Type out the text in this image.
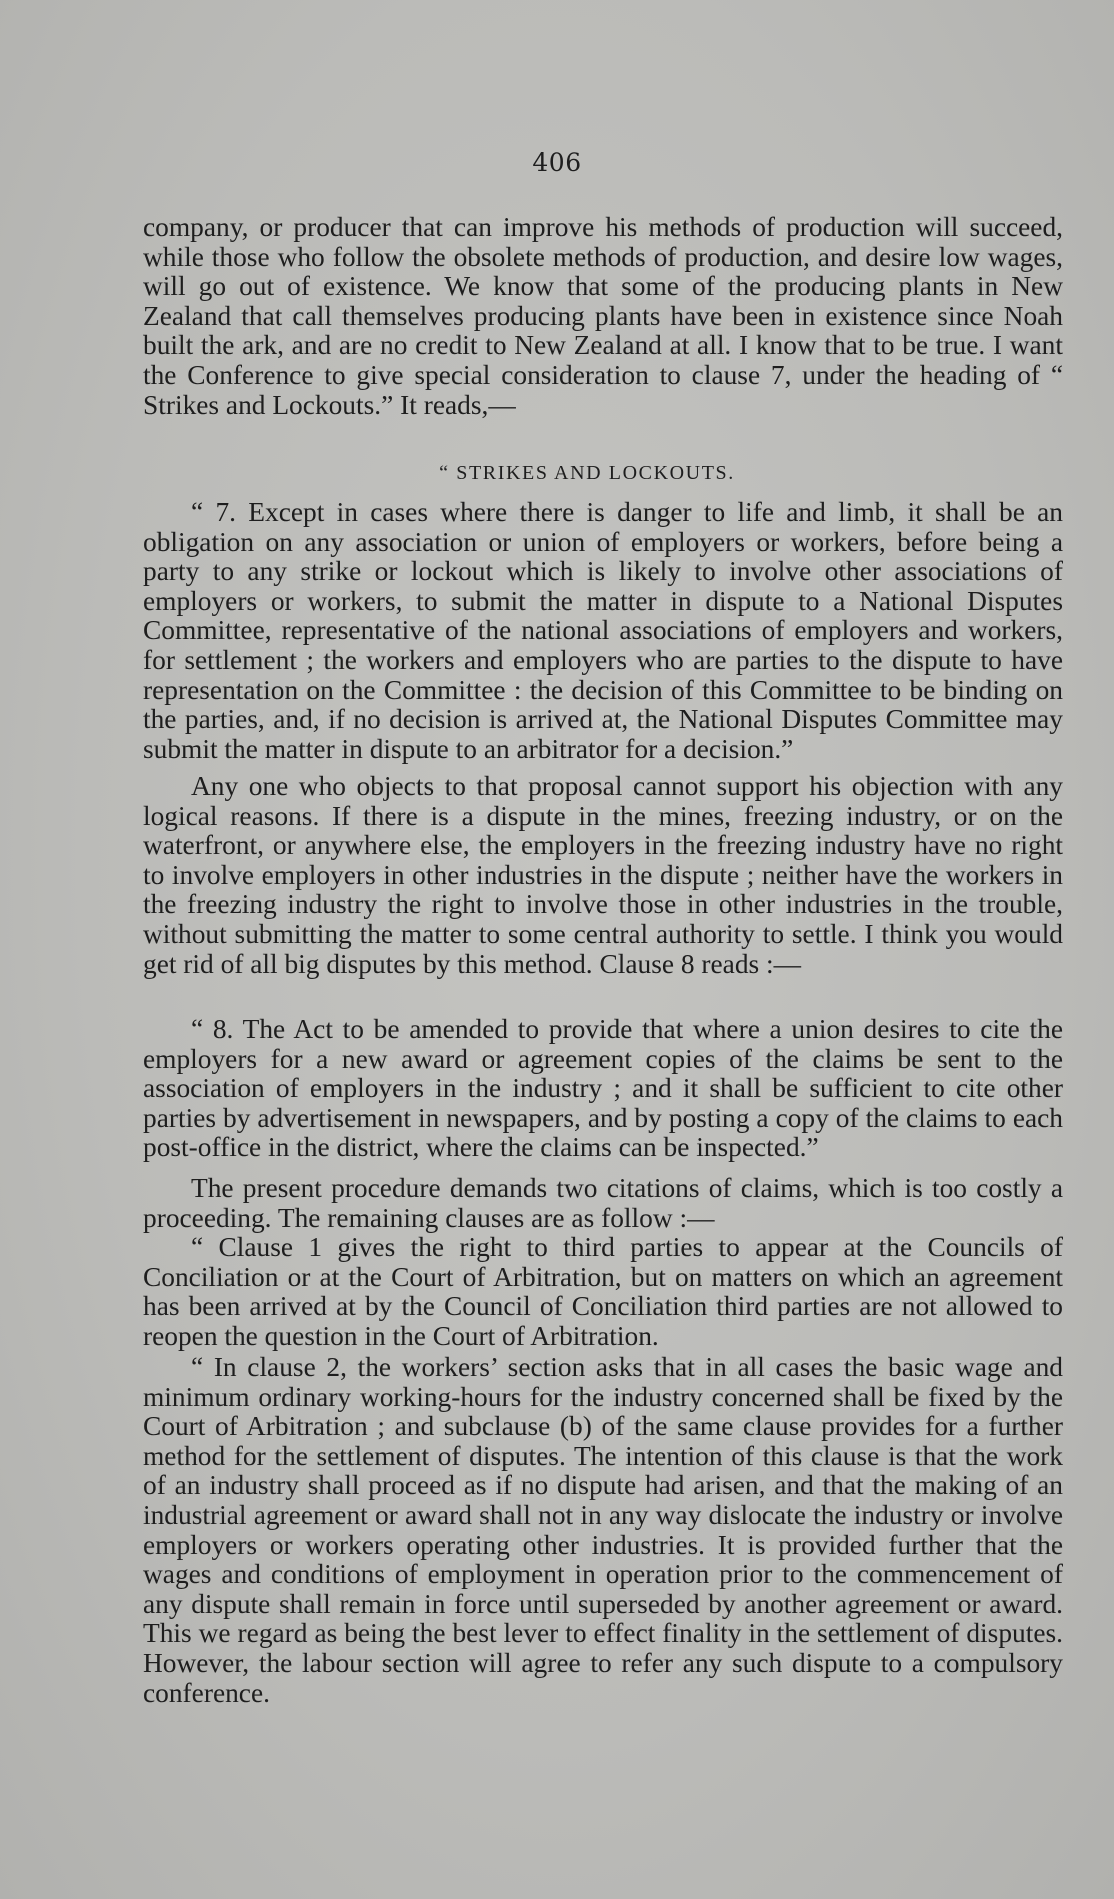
406

company, or producer that can improve his methods of production will succeed, while those who follow the obsolete methods of production, and desire low wages, will go out of existence. We know that some of the producing plants in New Zealand that call themselves producing plants have been in existence since Noah built the ark, and are no credit to New Zealand at all. I know that to be true. I want the Conference to give special consideration to clause 7, under the heading of “ Strikes and Lockouts.” It reads,—

“ STRIKES AND LOCKOUTS.

“ 7. Except in cases where there is danger to life and limb, it shall be an obligation on any association or union of employers or workers, before being a party to any strike or lockout which is likely to involve other associations of employers or workers, to submit the matter in dispute to a National Disputes Committee, representative of the national associations of employers and workers, for settlement ; the workers and employers who are parties to the dispute to have representation on the Committee : the decision of this Committee to be binding on the parties, and, if no decision is arrived at, the National Disputes Committee may submit the matter in dispute to an arbitrator for a decision.”

Any one who objects to that proposal cannot support his objection with any logical reasons. If there is a dispute in the mines, freezing industry, or on the waterfront, or anywhere else, the employers in the freezing industry have no right to involve employers in other industries in the dispute ; neither have the workers in the freezing industry the right to involve those in other industries in the trouble, without submitting the matter to some central authority to settle. I think you would get rid of all big disputes by this method. Clause 8 reads :—

“ 8. The Act to be amended to provide that where a union desires to cite the employers for a new award or agreement copies of the claims be sent to the association of employers in the industry ; and it shall be sufficient to cite other parties by advertisement in newspapers, and by posting a copy of the claims to each post-office in the district, where the claims can be inspected.”

The present procedure demands two citations of claims, which is too costly a proceeding. The remaining clauses are as follow :—

“ Clause 1 gives the right to third parties to appear at the Councils of Conciliation or at the Court of Arbitration, but on matters on which an agreement has been arrived at by the Council of Conciliation third parties are not allowed to reopen the question in the Court of Arbitration.

“ In clause 2, the workers’ section asks that in all cases the basic wage and minimum ordinary working-hours for the industry concerned shall be fixed by the Court of Arbitration ; and subclause (b) of the same clause provides for a further method for the settlement of disputes. The intention of this clause is that the work of an industry shall proceed as if no dispute had arisen, and that the making of an industrial agreement or award shall not in any way dislocate the industry or involve employers or workers operating other industries. It is provided further that the wages and conditions of employment in operation prior to the commencement of any dispute shall remain in force until superseded by another agreement or award. This we regard as being the best lever to effect finality in the settlement of disputes. However, the labour section will agree to refer any such dispute to a compulsory conference.
